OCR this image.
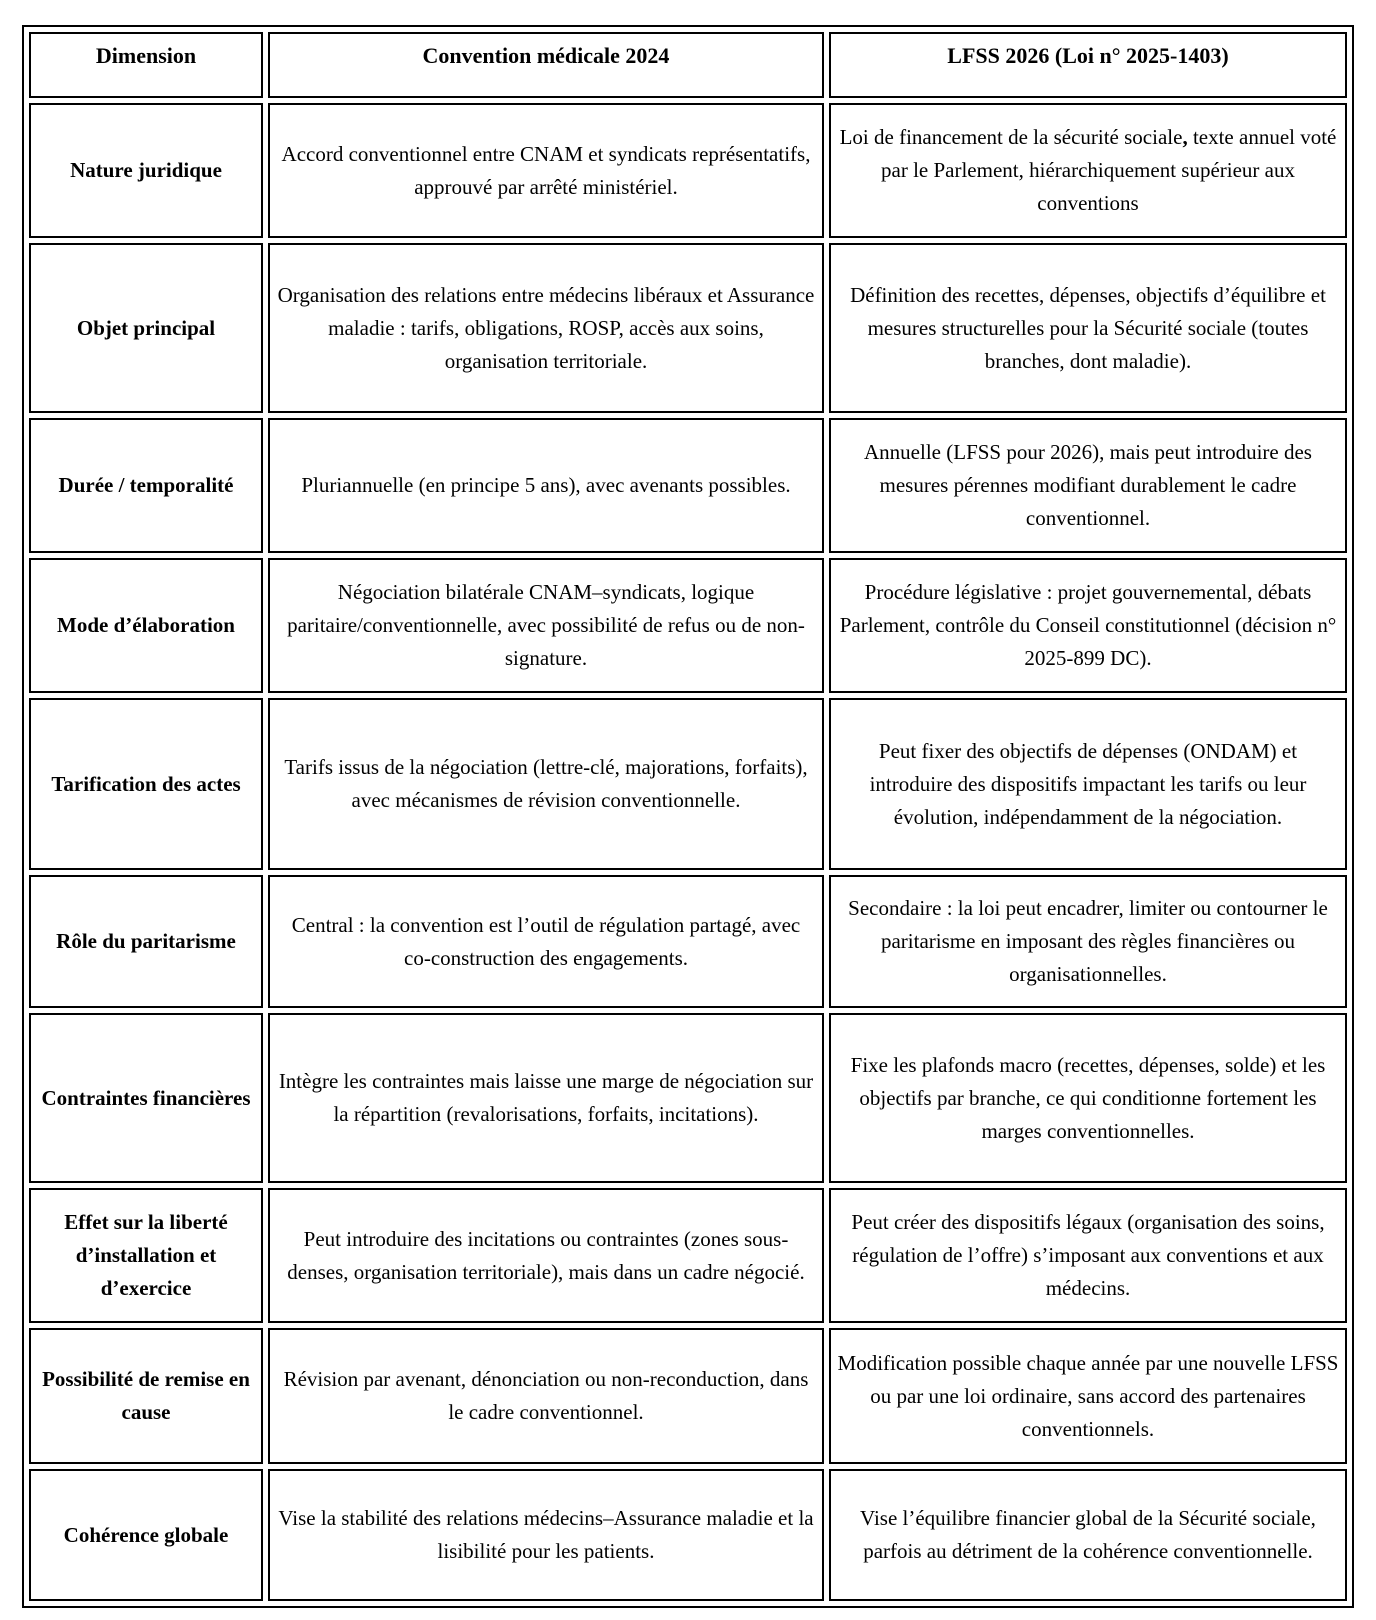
Dimension	Convention médicale 2024	LFSS 2026 (Loi n° 2025-1403)
Nature juridique	Accord conventionnel entre CNAM et syndicats représentatifs, approuvé par arrêté ministériel.	Loi de financement de la sécurité sociale, texte annuel voté par le Parlement, hiérarchiquement supérieur aux conventions
Objet principal	Organisation des relations entre médecins libéraux et Assurance maladie : tarifs, obligations, ROSP, accès aux soins, organisation territoriale.	Définition des recettes, dépenses, objectifs d’équilibre et mesures structurelles pour la Sécurité sociale (toutes branches, dont maladie).
Durée / temporalité	Pluriannuelle (en principe 5 ans), avec avenants possibles.	Annuelle (LFSS pour 2026), mais peut introduire des mesures pérennes modifiant durablement le cadre conventionnel.
Mode d’élaboration	Négociation bilatérale CNAM–syndicats, logique paritaire/conventionnelle, avec possibilité de refus ou de non-signature.	Procédure législative : projet gouvernemental, débats Parlement, contrôle du Conseil constitutionnel (décision n° 2025-899 DC).
Tarification des actes	Tarifs issus de la négociation (lettre-clé, majorations, forfaits), avec mécanismes de révision conventionnelle.	Peut fixer des objectifs de dépenses (ONDAM) et introduire des dispositifs impactant les tarifs ou leur évolution, indépendamment de la négociation.
Rôle du paritarisme	Central : la convention est l’outil de régulation partagé, avec co-construction des engagements.	Secondaire : la loi peut encadrer, limiter ou contourner le paritarisme en imposant des règles financières ou organisationnelles.
Contraintes financières	Intègre les contraintes mais laisse une marge de négociation sur la répartition (revalorisations, forfaits, incitations).	Fixe les plafonds macro (recettes, dépenses, solde) et les objectifs par branche, ce qui conditionne fortement les marges conventionnelles.
Effet sur la liberté d’installation et d’exercice	Peut introduire des incitations ou contraintes (zones sous-denses, organisation territoriale), mais dans un cadre négocié.	Peut créer des dispositifs légaux (organisation des soins, régulation de l’offre) s’imposant aux conventions et aux médecins.
Possibilité de remise en cause	Révision par avenant, dénonciation ou non-reconduction, dans le cadre conventionnel.	Modification possible chaque année par une nouvelle LFSS ou par une loi ordinaire, sans accord des partenaires conventionnels.
Cohérence globale	Vise la stabilité des relations médecins–Assurance maladie et la lisibilité pour les patients.	Vise l’équilibre financier global de la Sécurité sociale, parfois au détriment de la cohérence conventionnelle.
